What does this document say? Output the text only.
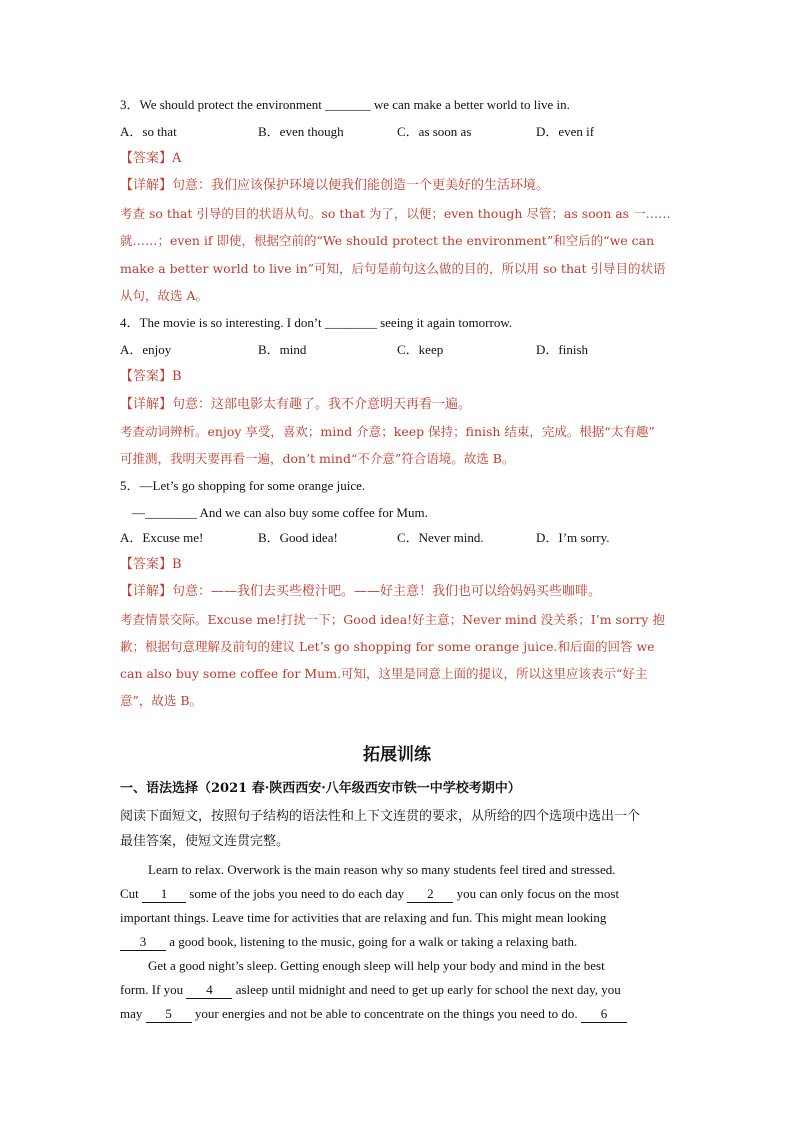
3．We should protect the environment _______ we can make a better world to live in.
A．so that	B．even though	C．as soon as	D．even if
【答案】A
【详解】句意：我们应该保护环境以便我们能创造一个更美好的生活环境。
考查 so that 引导的目的状语从句。so that 为了，以便；even though 尽管；as soon as 一……
就……；even if 即使，根据空前的“We should protect the environment”和空后的“we can
make a better world to live in”可知，后句是前句这么做的目的，所以用 so that 引导目的状语
从句，故选 A。
4．The movie is so interesting. I don’t ________ seeing it again tomorrow.
A．enjoy	B．mind	C．keep	D．finish
【答案】B
【详解】句意：这部电影太有趣了。我不介意明天再看一遍。
考查动词辨析。enjoy 享受，喜欢；mind 介意；keep 保持；finish 结束，完成。根据“太有趣”
可推测，我明天要再看一遍，don’t mind“不介意”符合语境。故选 B。
5．—Let’s go shopping for some orange juice.
—________ And we can also buy some coffee for Mum.
A．Excuse me!	B．Good idea!	C．Never mind.	D．I’m sorry.
【答案】B
【详解】句意：——我们去买些橙汁吧。——好主意！我们也可以给妈妈买些咖啡。
考查情景交际。Excuse me!打扰一下；Good idea!好主意；Never mind 没关系；I’m sorry 抱
歉；根据句意理解及前句的建议 Let’s go shopping for some orange juice.和后面的回答 we
can also buy some coffee for Mum.可知，这里是同意上面的提议，所以这里应该表示“好主
意”，故选 B。
拓展训练
一、语法选择（2021 春·陕西西安·八年级西安市铁一中学校考期中）
阅读下面短文，按照句子结构的语法性和上下文连贯的要求，从所给的四个选项中选出一个
最佳答案，使短文连贯完整。
Learn to relax. Overwork is the main reason why so many students feel tired and stressed.
Cut 1 some of the jobs you need to do each day 2 you can only focus on the most
important things. Leave time for activities that are relaxing and fun. This might mean looking
3 a good book, listening to the music, going for a walk or taking a relaxing bath.
Get a good night’s sleep. Getting enough sleep will help your body and mind in the best
form. If you 4 asleep until midnight and need to get up early for school the next day, you
may 5 your energies and not be able to concentrate on the things you need to do. 6
